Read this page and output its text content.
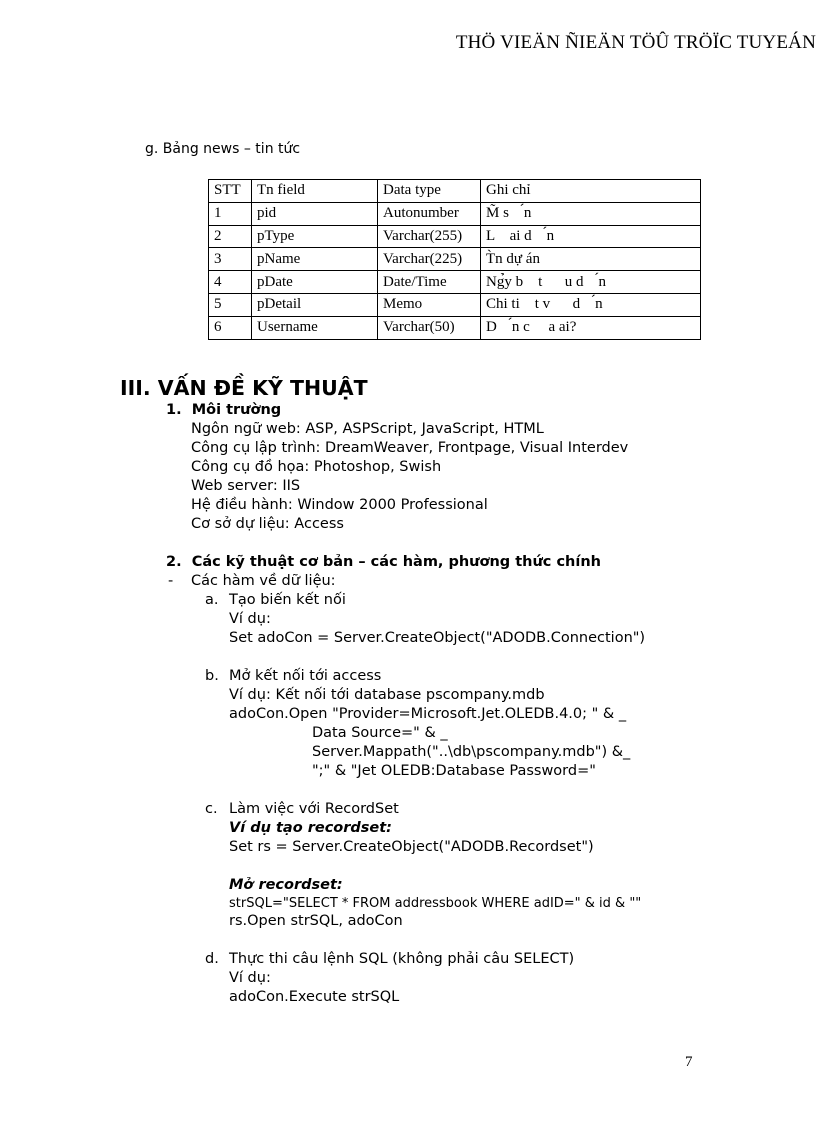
THÖ VIEÄN ÑIEÄN TÖÛ TRÖÏC TUYEÁN
g. Bảng news – tin tức
STT	Tn field	Data type	Ghi chỉ
1	pid	Autonumber	M̃ s    ́n
2	pType	Varchar(255)	L    ai d    ́n
3	pName	Varchar(225)	T̀n dự án
4	pDate	Date/Time	Ng̉y b    t      u d    ́n
5	pDetail	Memo	Chi ti    t v      d    ́n
6	Username	Varchar(50)	D    ́n c     a ai?
III. VẤN ĐỀ KỸ THUẬT
1.  Môi trường
Ngôn ngữ web: ASP, ASPScript, JavaScript, HTML
Công cụ lập trình: DreamWeaver, Frontpage, Visual Interdev
Công cụ đồ họa: Photoshop, Swish
Web server: IIS
Hệ điều hành: Window 2000 Professional
Cơ sở dự liệu: Access
2.  Các kỹ thuật cơ bản – các hàm, phương thức chính
- Các hàm về dữ liệu:
a. Tạo biến kết nối
Ví dụ:
Set adoCon = Server.CreateObject("ADODB.Connection")
b. Mở kết nối tới access
Ví dụ: Kết nối tới database pscompany.mdb
adoCon.Open "Provider=Microsoft.Jet.OLEDB.4.0; " & _
Data Source=" & _
Server.Mappath("..\db\pscompany.mdb") &_
";" & "Jet OLEDB:Database Password="
c. Làm việc với RecordSet
Ví dụ tạo recordset:
Set rs = Server.CreateObject("ADODB.Recordset")
Mở recordset:
strSQL="SELECT * FROM addressbook WHERE adID=" & id & ""
rs.Open strSQL, adoCon
d. Thực thi câu lệnh SQL (không phải câu SELECT)
Ví dụ:
adoCon.Execute strSQL
7
